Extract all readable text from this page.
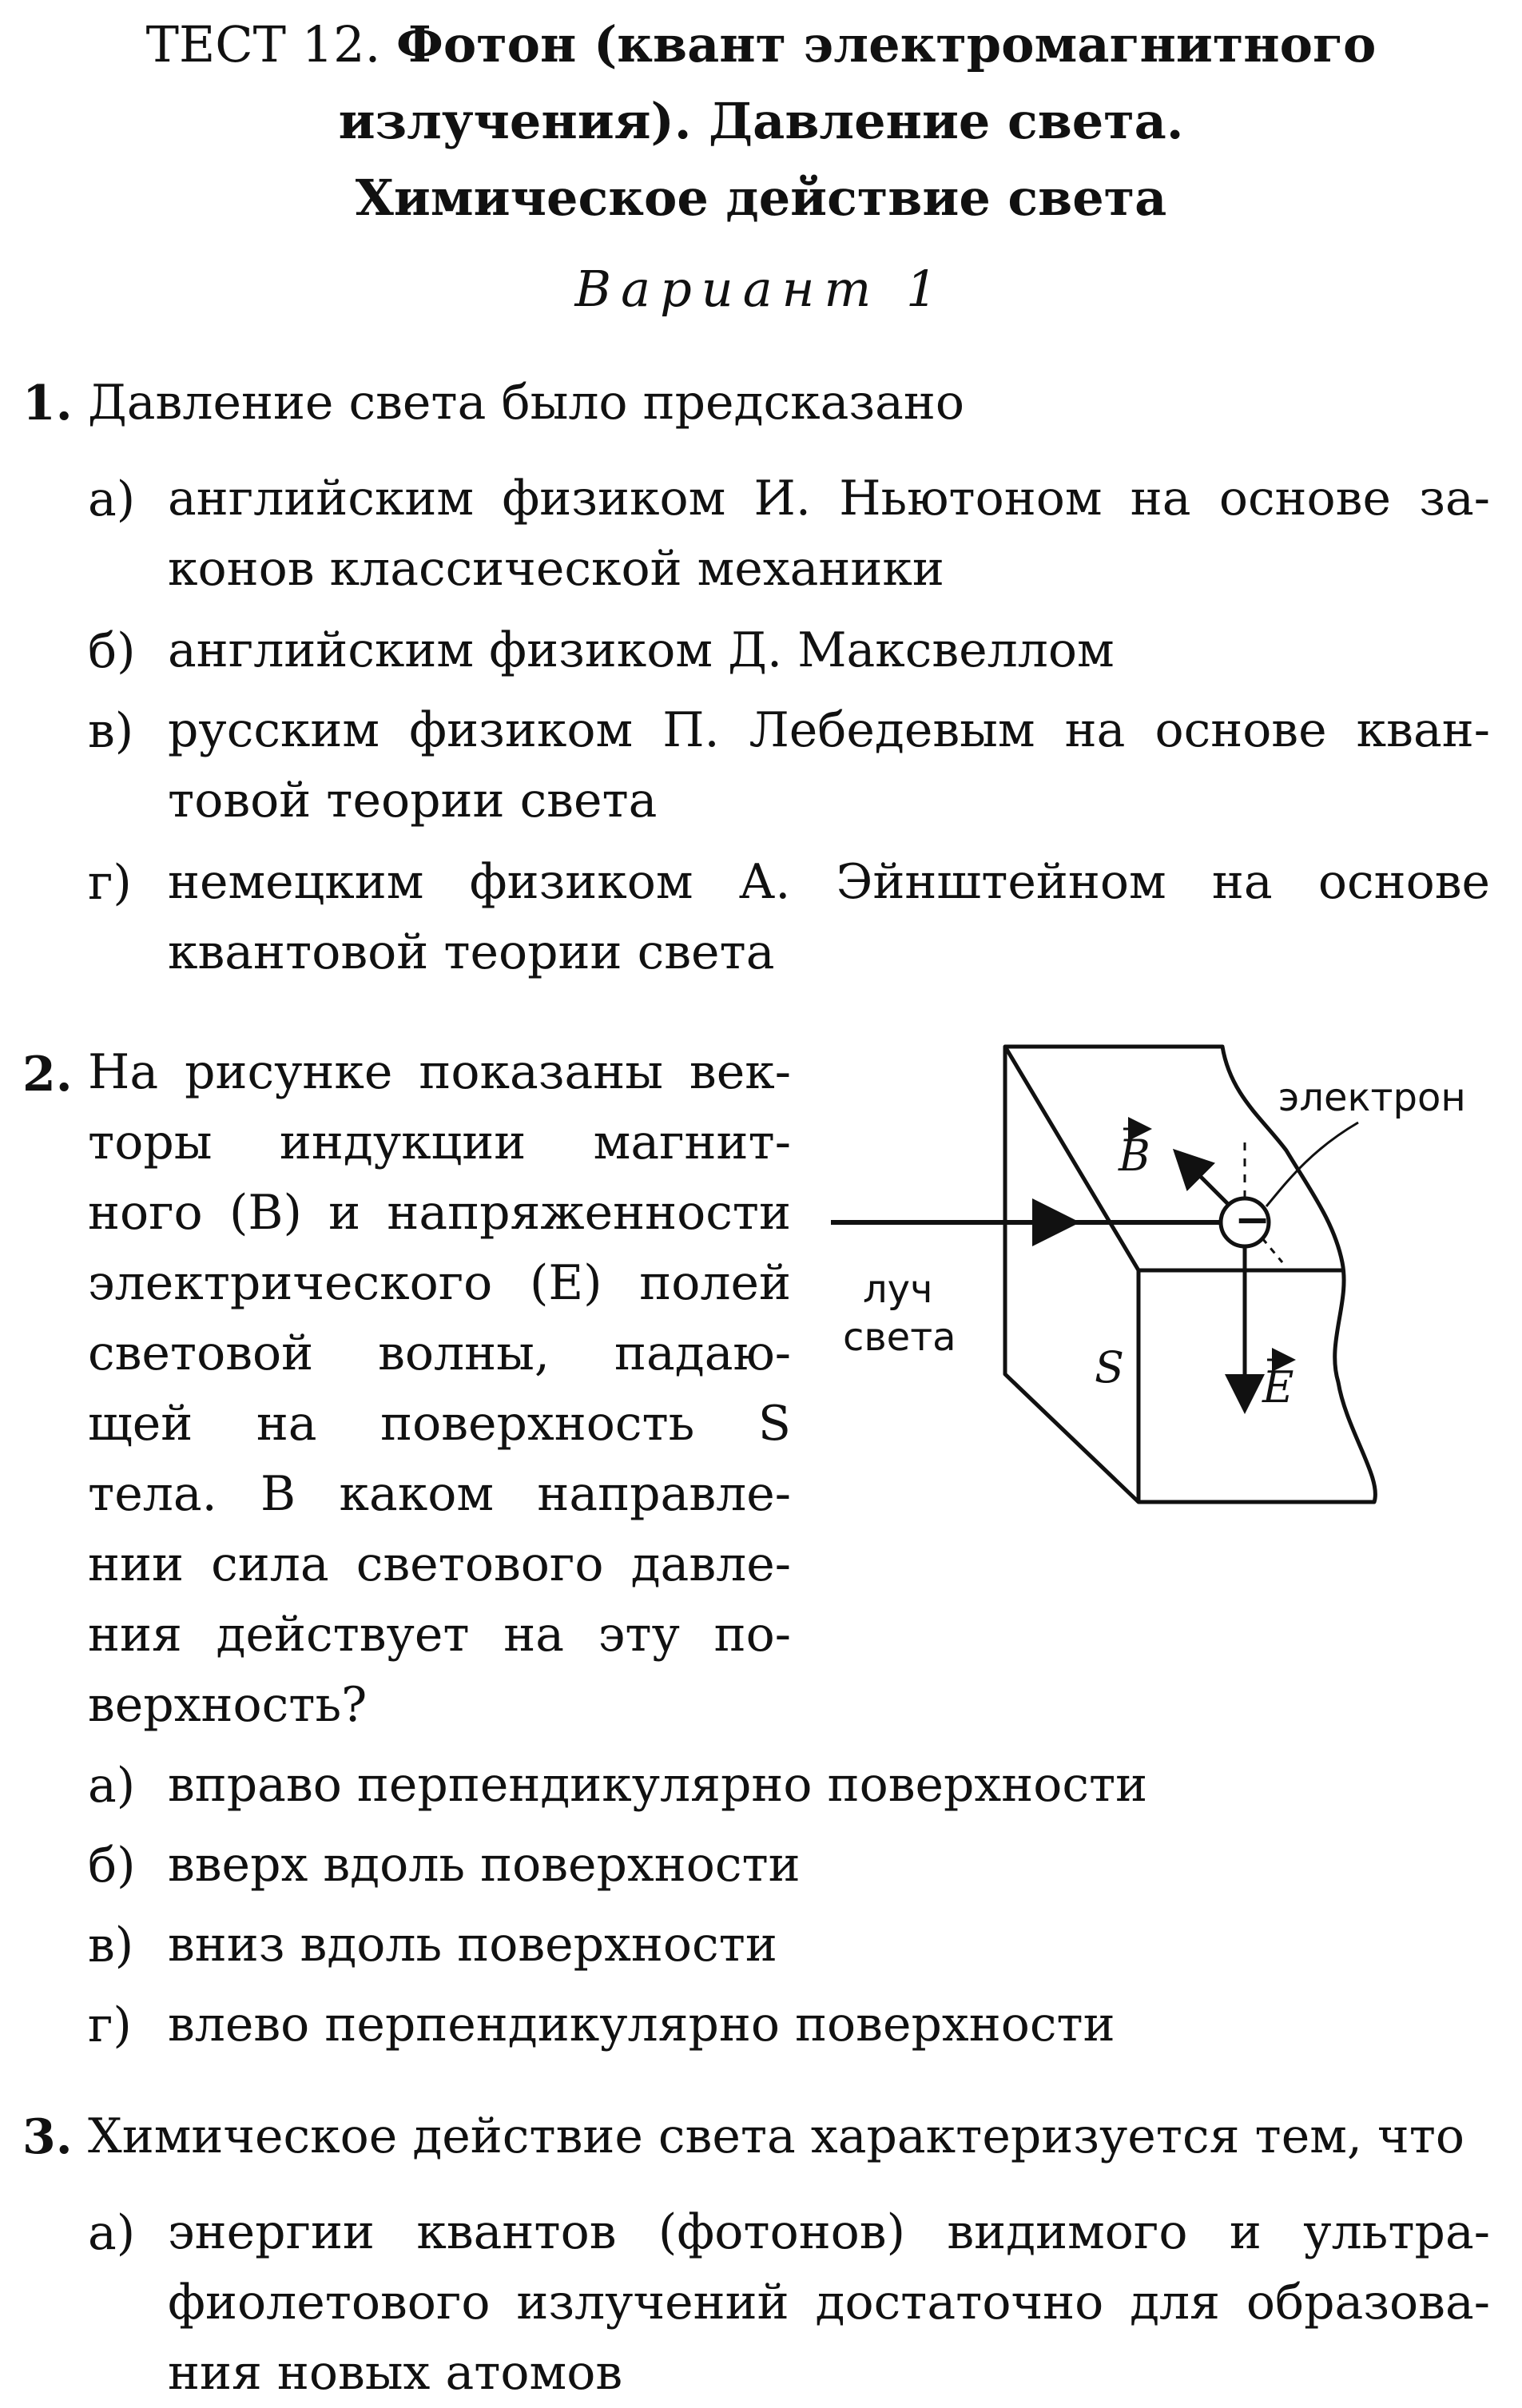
ТЕСТ 12. Фотон (квант электромагнитного
излучения). Давление света.
Химическое действие света
Вариант 1
1. Давление света было предсказано
а) английским физиком И. Ньютоном на основе за-
конов классической механики
б) английским физиком Д. Максвеллом
в) русским физиком П. Лебедевым на основе кван-
товой теории света
г) немецким физиком А. Эйнштейном на основе
квантовой теории света
2. На рисунке показаны век-
торы индукции магнит-
ного (B) и напряженности
электрического (E) полей
световой волны, падаю-
щей на поверхность S
тела. В каком направле-
нии сила светового давле-
ния действует на эту по-
верхность?
S
луч
света
B
E
−
электрон
а) вправо перпендикулярно поверхности
б) вверх вдоль поверхности
в) вниз вдоль поверхности
г) влево перпендикулярно поверхности
3. Химическое действие света характеризуется тем, что
а) энергии квантов (фотонов) видимого и ультра-
фиолетового излучений достаточно для образова-
ния новых атомов
